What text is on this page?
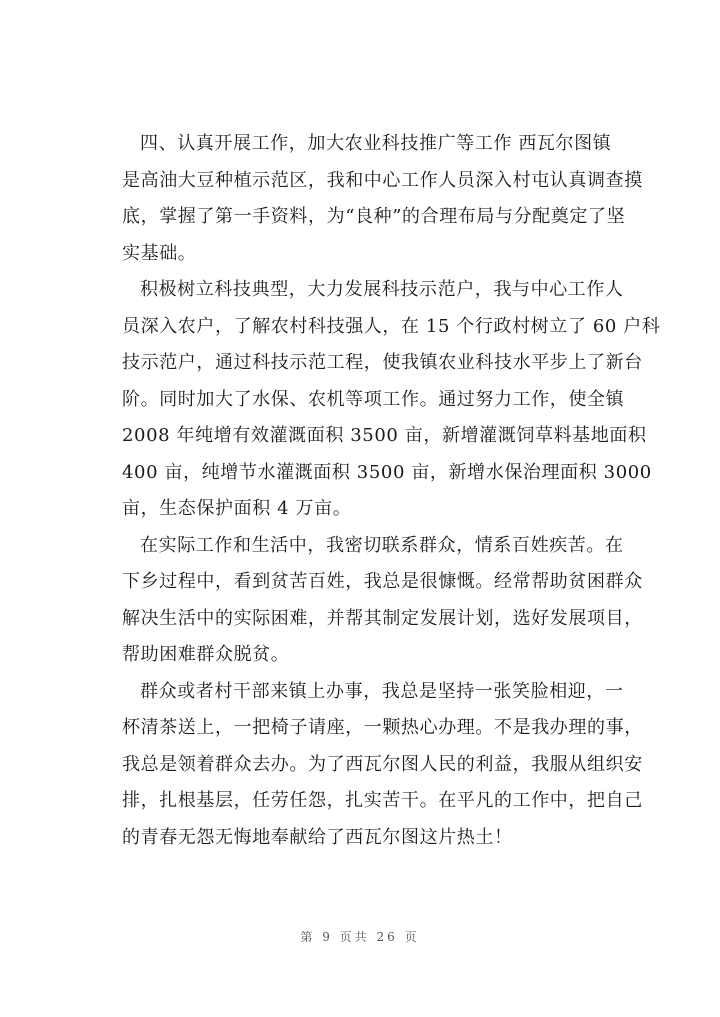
四、认真开展工作，加大农业科技推广等工作 西瓦尔图镇
是高油大豆种植示范区，我和中心工作人员深入村屯认真调查摸
底，掌握了第一手资料，为“良种”的合理布局与分配奠定了坚
实基础。
积极树立科技典型，大力发展科技示范户，我与中心工作人
员深入农户，了解农村科技强人，在 15 个行政村树立了 60 户科
技示范户，通过科技示范工程，使我镇农业科技水平步上了新台
阶。同时加大了水保、农机等项工作。通过努力工作，使全镇
2008 年纯增有效灌溉面积 3500 亩，新增灌溉饲草料基地面积
400 亩，纯增节水灌溉面积 3500 亩，新增水保治理面积 3000
亩，生态保护面积 4 万亩。
在实际工作和生活中，我密切联系群众，情系百姓疾苦。在
下乡过程中，看到贫苦百姓，我总是很慷慨。经常帮助贫困群众
解决生活中的实际困难，并帮其制定发展计划，选好发展项目，
帮助困难群众脱贫。
群众或者村干部来镇上办事，我总是坚持一张笑脸相迎，一
杯清茶送上，一把椅子请座，一颗热心办理。不是我办理的事，
我总是领着群众去办。为了西瓦尔图人民的利益，我服从组织安
排，扎根基层，任劳任怨，扎实苦干。在平凡的工作中，把自己
的青春无怨无悔地奉献给了西瓦尔图这片热土！
第 9 页共 26 页
